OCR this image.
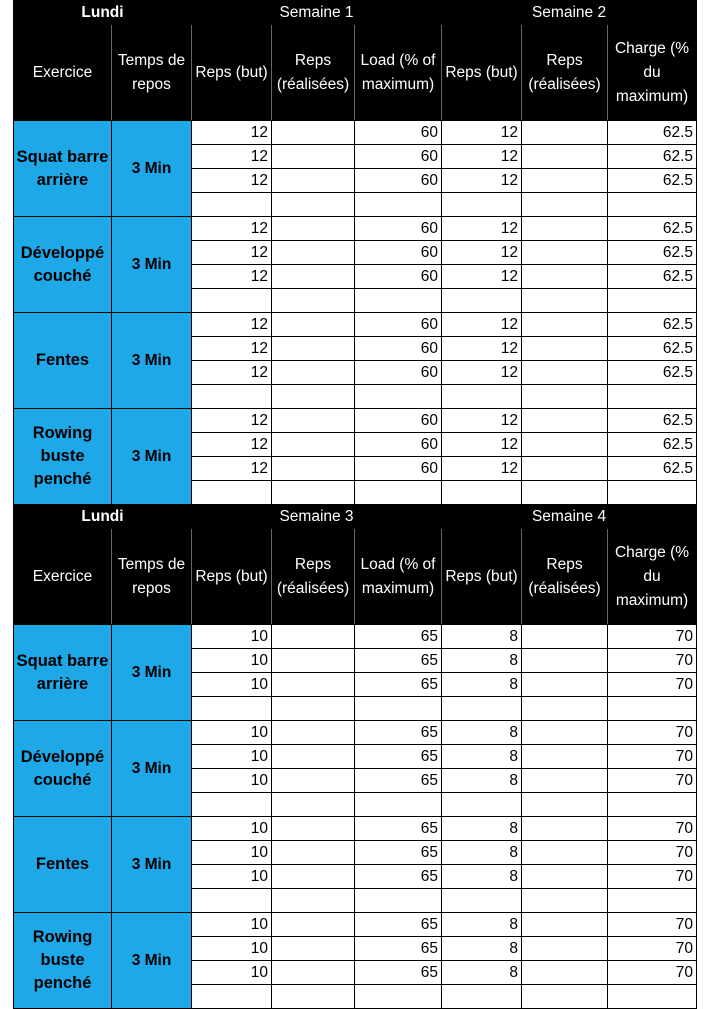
Lundi		Semaine 1			Semaine 2		
Exercice	Temps de repos	Reps (but)	Reps (réalisées)	Load (% of maximum)	Reps (but)	Reps (réalisées)	Charge (% du maximum)
Squat barre arrière	3 Min	12		60	12		62.5
		12		60	12		62.5
		12		60	12		62.5

Développé couché	3 Min	12		60	12		62.5
		12		60	12		62.5
		12		60	12		62.5

Fentes	3 Min	12		60	12		62.5
		12		60	12		62.5
		12		60	12		62.5

Rowing buste penché	3 Min	12		60	12		62.5
		12		60	12		62.5
		12		60	12		62.5

Lundi		Semaine 3			Semaine 4		
Exercice	Temps de repos	Reps (but)	Reps (réalisées)	Load (% of maximum)	Reps (but)	Reps (réalisées)	Charge (% du maximum)
Squat barre arrière	3 Min	10		65	8		70
		10		65	8		70
		10		65	8		70

Développé couché	3 Min	10		65	8		70
		10		65	8		70
		10		65	8		70

Fentes	3 Min	10		65	8		70
		10		65	8		70
		10		65	8		70

Rowing buste penché	3 Min	10		65	8		70
		10		65	8		70
		10		65	8		70
